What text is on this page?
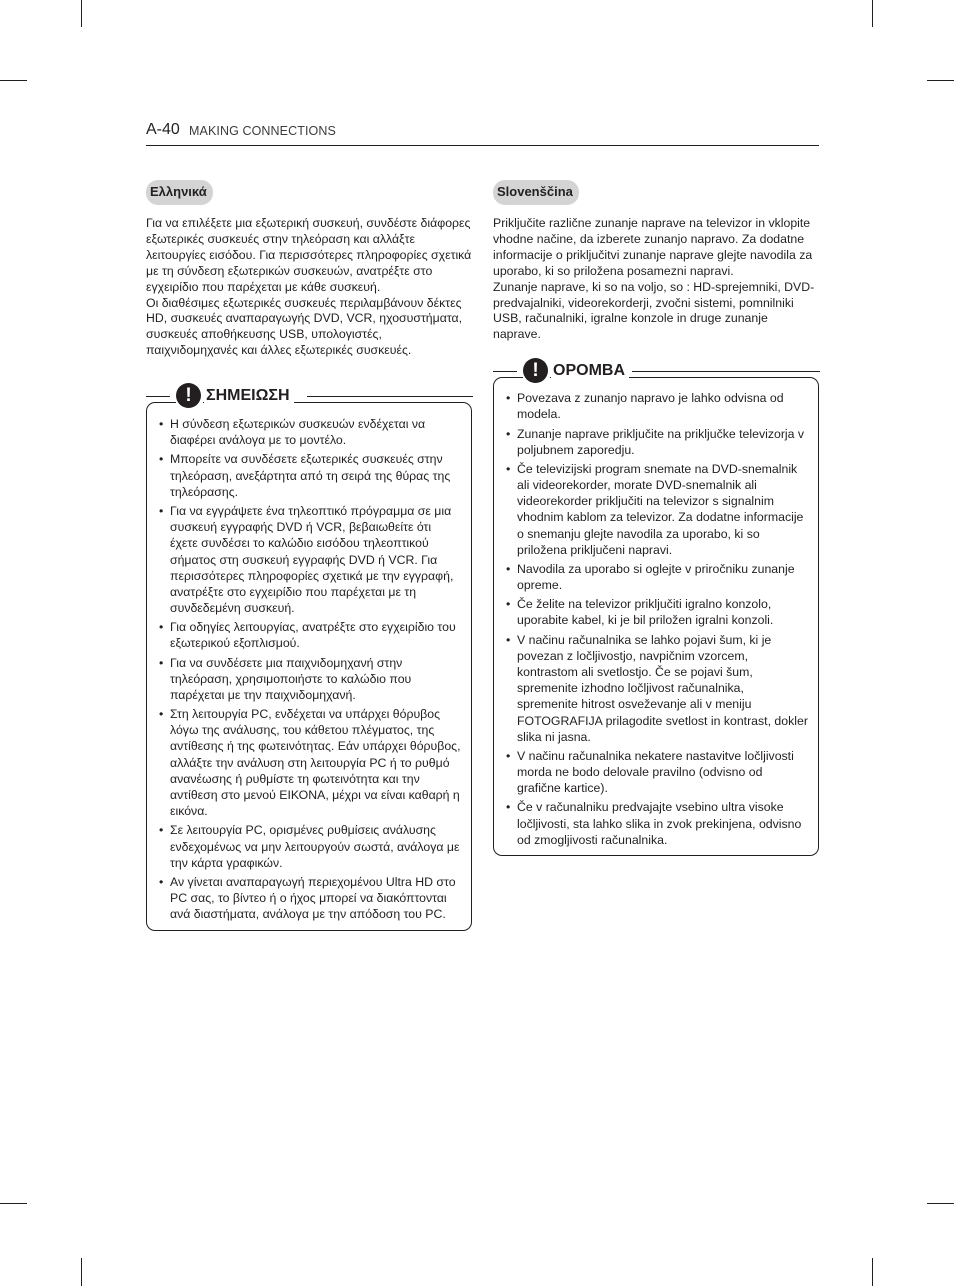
A-40 MAKING CONNECTIONS
Ελληνικά

Για να επιλέξετε μια εξωτερική συσκευή, συνδέστε διάφορες εξωτερικές συσκευές στην τηλεόραση και αλλάξτε λειτουργίες εισόδου. Για περισσότερες πληροφορίες σχετικά με τη σύνδεση εξωτερικών συσκευών, ανατρέξτε στο εγχειρίδιο που παρέχεται με κάθε συσκευή.

Οι διαθέσιμες εξωτερικές συσκευές περιλαμβάνουν δέκτες HD, συσκευές αναπαραγωγής DVD, VCR, ηχοσυστήματα, συσκευές αποθήκευσης USB, υπολογιστές, παιχνιδομηχανές και άλλες εξωτερικές συσκευές.

! ΣΗΜΕΙΩΣΗ
• Η σύνδεση εξωτερικών συσκευών ενδέχεται να διαφέρει ανάλογα με το μοντέλο.
• Μπορείτε να συνδέσετε εξωτερικές συσκευές στην τηλεόραση, ανεξάρτητα από τη σειρά της θύρας της τηλεόρασης.
• Για να εγγράψετε ένα τηλεοπτικό πρόγραμμα σε μια συσκευή εγγραφής DVD ή VCR, βεβαιωθείτε ότι έχετε συνδέσει το καλώδιο εισόδου τηλεοπτικού σήματος στη συσκευή εγγραφής DVD ή VCR. Για περισσότερες πληροφορίες σχετικά με την εγγραφή, ανατρέξτε στο εγχειρίδιο που παρέχεται με τη συνδεδεμένη συσκευή.
• Για οδηγίες λειτουργίας, ανατρέξτε στο εγχειρίδιο του εξωτερικού εξοπλισμού.
• Για να συνδέσετε μια παιχνιδομηχανή στην τηλεόραση, χρησιμοποιήστε το καλώδιο που παρέχεται με την παιχνιδομηχανή.
• Στη λειτουργία PC, ενδέχεται να υπάρχει θόρυβος λόγω της ανάλυσης, του κάθετου πλέγματος, της αντίθεσης ή της φωτεινότητας. Εάν υπάρχει θόρυβος, αλλάξτε την ανάλυση στη λειτουργία PC ή το ρυθμό ανανέωσης ή ρυθμίστε τη φωτεινότητα και την αντίθεση στο μενού ΕΙΚΟΝΑ, μέχρι να είναι καθαρή η εικόνα.
• Σε λειτουργία PC, ορισμένες ρυθμίσεις ανάλυσης ενδεχομένως να μην λειτουργούν σωστά, ανάλογα με την κάρτα γραφικών.
• Αν γίνεται αναπαραγωγή περιεχομένου Ultra HD στο PC σας, το βίντεο ή ο ήχος μπορεί να διακόπτονται ανά διαστήματα, ανάλογα με την απόδοση του PC.
Slovenščina

Priključite različne zunanje naprave na televizor in vklopite vhodne načine, da izberete zunanjo napravo. Za dodatne informacije o priključitvi zunanje naprave glejte navodila za uporabo, ki so priložena posamezni napravi.

Zunanje naprave, ki so na voljo, so : HD-sprejemniki, DVD-predvajalniki, videorekorderji, zvočni sistemi, pomnilniki USB, računalniki, igralne konzole in druge zunanje naprave.

! OPOMBA
• Povezava z zunanjo napravo je lahko odvisna od modela.
• Zunanje naprave priključite na priključke televizorja v poljubnem zaporedju.
• Če televizijski program snemate na DVD-snemalnik ali videorekorder, morate DVD-snemalnik ali videorekorder priključiti na televizor s signalnim vhodnim kablom za televizor. Za dodatne informacije o snemanju glejte navodila za uporabo, ki so priložena priključeni napravi.
• Navodila za uporabo si oglejte v priročniku zunanje opreme.
• Če želite na televizor priključiti igralno konzolo, uporabite kabel, ki je bil priložen igralni konzoli.
• V načinu računalnika se lahko pojavi šum, ki je povezan z ločljivostjo, navpičnim vzorcem, kontrastom ali svetlostjo. Če se pojavi šum, spremenite izhodno ločljivost računalnika, spremenite hitrost osveževanje ali v meniju FOTOGRAFIJA prilagodite svetlost in kontrast, dokler slika ni jasna.
• V načinu računalnika nekatere nastavitve ločljivosti morda ne bodo delovale pravilno (odvisno od grafične kartice).
• Če v računalniku predvajajte vsebino ultra visoke ločljivosti, sta lahko slika in zvok prekinjena, odvisno od zmogljivosti računalnika.
